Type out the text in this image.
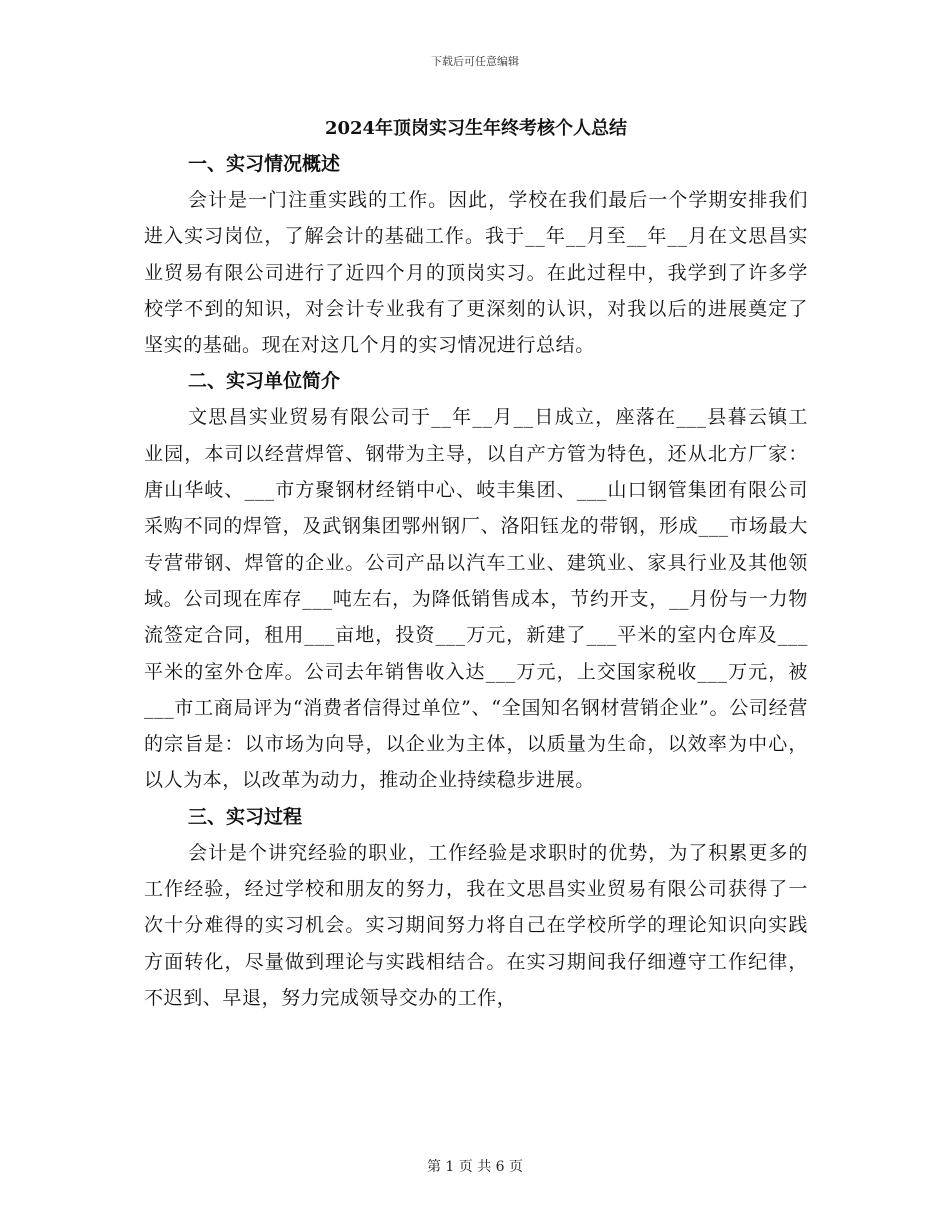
下载后可任意编辑
2024年顶岗实习生年终考核个人总结
一、实习情况概述

会计是一门注重实践的工作。因此，学校在我们最后一个学期安排我们进入实习岗位，了解会计的基础工作。我于__年__月至__年__月在文思昌实业贸易有限公司进行了近四个月的顶岗实习。在此过程中，我学到了许多学校学不到的知识，对会计专业我有了更深刻的认识，对我以后的进展奠定了坚实的基础。现在对这几个月的实习情况进行总结。

二、实习单位简介

文思昌实业贸易有限公司于__年__月__日成立，座落在___县暮云镇工业园，本司以经营焊管、钢带为主导，以自产方管为特色，还从北方厂家：唐山华岐、___市方聚钢材经销中心、岐丰集团、___山口钢管集团有限公司采购不同的焊管，及武钢集团鄂州钢厂、洛阳钰龙的带钢，形成___市场最大专营带钢、焊管的企业。公司产品以汽车工业、建筑业、家具行业及其他领域。公司现在库存___吨左右，为降低销售成本，节约开支，__月份与一力物流签定合同，租用___亩地，投资___万元，新建了___平米的室内仓库及___平米的室外仓库。公司去年销售收入达___万元，上交国家税收___万元，被___市工商局评为“消费者信得过单位”、“全国知名钢材营销企业”。公司经营的宗旨是：以市场为向导，以企业为主体，以质量为生命，以效率为中心，以人为本，以改革为动力，推动企业持续稳步进展。

三、实习过程

会计是个讲究经验的职业，工作经验是求职时的优势，为了积累更多的工作经验，经过学校和朋友的努力，我在文思昌实业贸易有限公司获得了一次十分难得的实习机会。实习期间努力将自己在学校所学的理论知识向实践方面转化，尽量做到理论与实践相结合。在实习期间我仔细遵守工作纪律，不迟到、早退，努力完成领导交办的工作，

第 1 页 共 6 页
